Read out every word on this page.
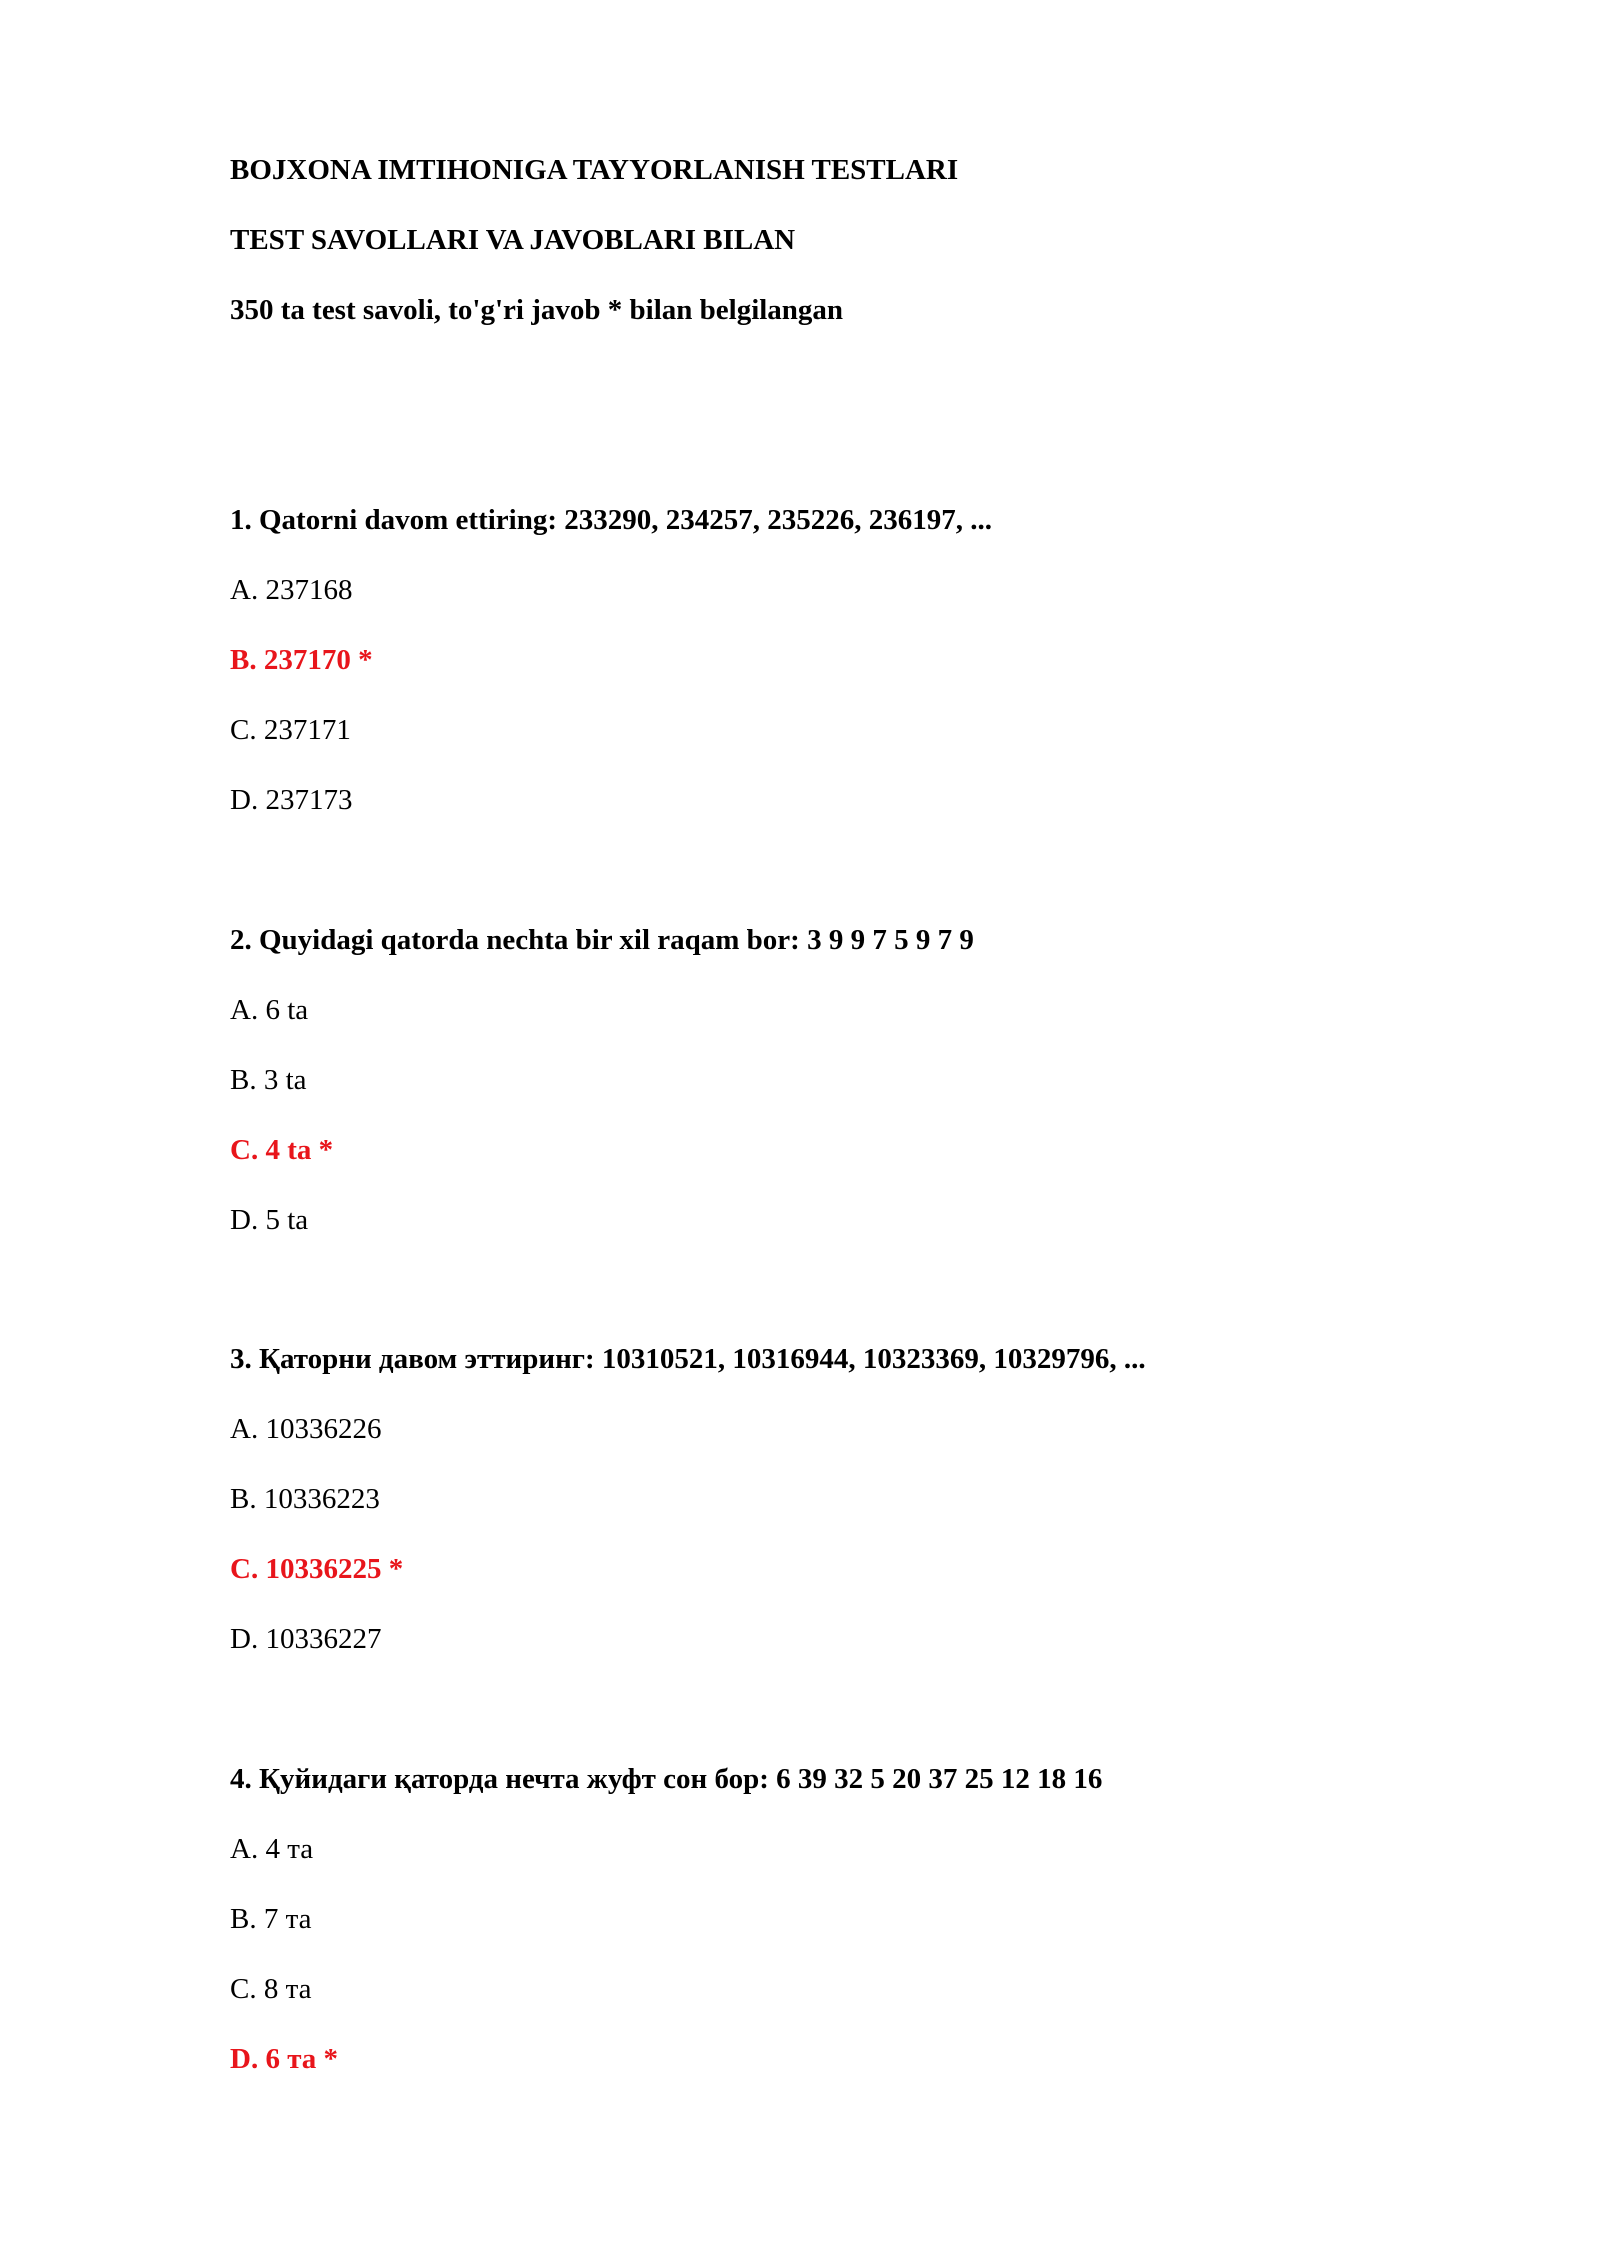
BOJXONA IMTIHONIGA TAYYORLANISH TESTLARI
TEST SAVOLLARI VA JAVOBLARI BILAN
350 ta test savoli, to'g'ri javob * bilan belgilangan
1. Qatorni davom ettiring: 233290, 234257, 235226, 236197, ...
A. 237168
B. 237170 *
C. 237171
D. 237173
2. Quyidagi qatorda nechta bir xil raqam bor: 3 9 9 7 5 9 7 9
A. 6 ta
B. 3 ta
C. 4 ta *
D. 5 ta
3. Қаторни давом эттиринг: 10310521, 10316944, 10323369, 10329796, ...
A. 10336226
B. 10336223
C. 10336225 *
D. 10336227
4. Қуйидаги қаторда нечта жуфт сон бор: 6 39 32 5 20 37 25 12 18 16
A. 4 та
B. 7 та
C. 8 та
D. 6 та *
